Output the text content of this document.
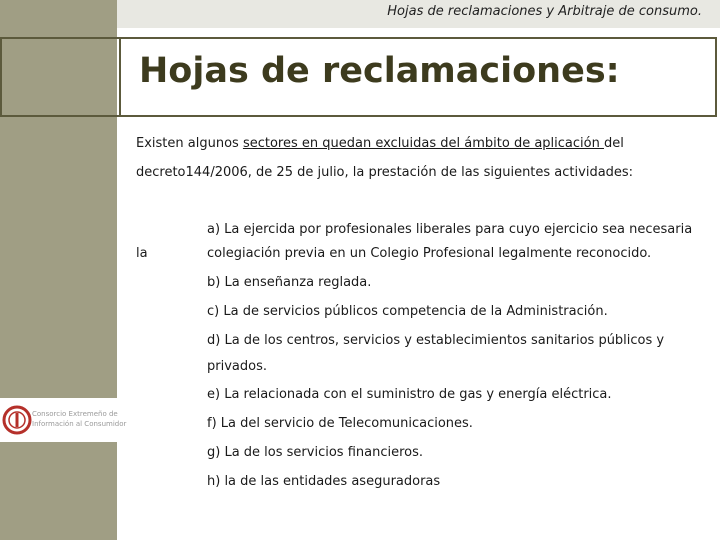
Hojas de reclamaciones y Arbitraje de consumo.
Hojas de reclamaciones:
Existen algunos sectores en quedan excluidas del ámbito de aplicación del
decreto144/2006, de 25 de julio, la prestación de las siguientes actividades:
la
a) La ejercida por profesionales liberales para cuyo ejercicio sea necesaria
colegiación previa en un Colegio Profesional legalmente reconocido.
b) La enseñanza reglada.
c) La de servicios públicos competencia de la Administración.
d) La de los centros, servicios y establecimientos sanitarios públicos y
privados.
e) La relacionada con el suministro de gas y energía eléctrica.
f) La del servicio de Telecomunicaciones.
g) La de los servicios financieros.
h) la de las entidades aseguradoras
Consorcio Extremeño de
Información al Consumidor
